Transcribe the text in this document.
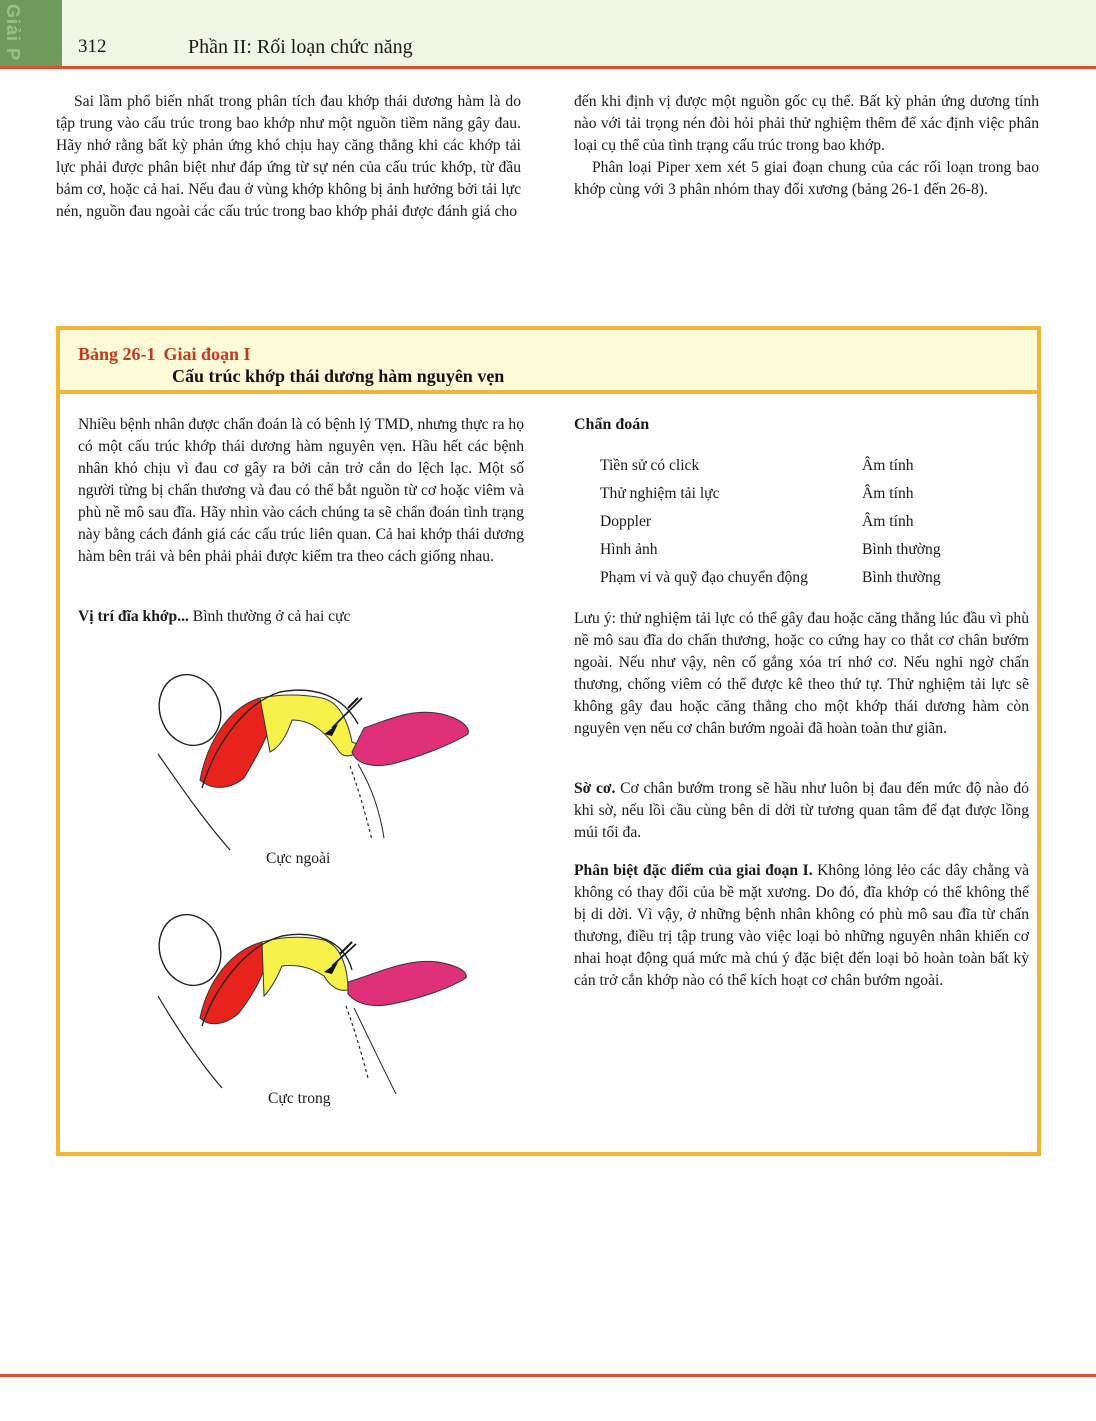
Giải P	312	Phần II: Rối loạn chức năng

Sai lầm phổ biến nhất trong phân tích đau khớp thái dương hàm là do tập trung vào cấu trúc trong bao khớp như một nguồn tiềm năng gây đau. Hãy nhớ rằng bất kỳ phản ứng khó chịu hay căng thẳng khi các khớp tải lực phải được phân biệt như đáp ứng từ sự nén của cấu trúc khớp, từ đầu bám cơ, hoặc cả hai. Nếu đau ở vùng khớp không bị ảnh hưởng bởi tải lực nén, nguồn đau ngoài các cấu trúc trong bao khớp phải được đánh giá cho

đến khi định vị được một nguồn gốc cụ thể. Bất kỳ phản ứng dương tính nào với tải trọng nén đòi hỏi phải thử nghiệm thêm để xác định việc phân loại cụ thể của tình trạng cấu trúc trong bao khớp.

Phân loại Piper xem xét 5 giai đoạn chung của các rối loạn trong bao khớp cùng với 3 phân nhóm thay đổi xương (bảng 26-1 đến 26-8).

Bảng 26-1 Giai đoạn I
Cấu trúc khớp thái dương hàm nguyên vẹn

Nhiều bệnh nhân được chẩn đoán là có bệnh lý TMD, nhưng thực ra họ có một cấu trúc khớp thái dương hàm nguyên vẹn. Hầu hết các bệnh nhân khó chịu vì đau cơ gây ra bởi cản trở cắn do lệch lạc. Một số người từng bị chấn thương và đau có thể bắt nguồn từ cơ hoặc viêm và phù nề mô sau đĩa. Hãy nhìn vào cách chúng ta sẽ chẩn đoán tình trạng này bằng cách đánh giá các cấu trúc liên quan. Cả hai khớp thái dương hàm bên trái và bên phải phải được kiểm tra theo cách giống nhau.

Vị trí đĩa khớp... Bình thường ở cả hai cực
Cực ngoài
Cực trong
Chẩn đoán
Tiền sử có click	Âm tính
Thử nghiệm tải lực	Âm tính
Doppler	Âm tính
Hình ảnh	Bình thường
Phạm vi và quỹ đạo chuyển động	Bình thường

Lưu ý: thử nghiệm tải lực có thể gây đau hoặc căng thẳng lúc đầu vì phù nề mô sau đĩa do chấn thương, hoặc co cứng hay co thắt cơ chân bướm ngoài. Nếu như vậy, nên cố gắng xóa trí nhớ cơ. Nếu nghi ngờ chấn thương, chống viêm có thể được kê theo thứ tự. Thử nghiệm tải lực sẽ không gây đau hoặc căng thẳng cho một khớp thái dương hàm còn nguyên vẹn nếu cơ chân bướm ngoài đã hoàn toàn thư giãn.

Sờ cơ. Cơ chân bướm trong sẽ hầu như luôn bị đau đến mức độ nào đó khi sờ, nếu lồi cầu cùng bên di dời từ tương quan tâm để đạt được lồng múi tối đa.

Phân biệt đặc điểm của giai đoạn I. Không lỏng lẻo các dây chằng và không có thay đổi của bề mặt xương. Do đó, đĩa khớp có thể không thể bị di dời. Vì vậy, ở những bệnh nhân không có phù mô sau đĩa từ chấn thương, điều trị tập trung vào việc loại bỏ những nguyên nhân khiến cơ nhai hoạt động quá mức mà chú ý đặc biệt đến loại bỏ hoàn toàn bất kỳ cản trở cắn khớp nào có thể kích hoạt cơ chân bướm ngoài.
